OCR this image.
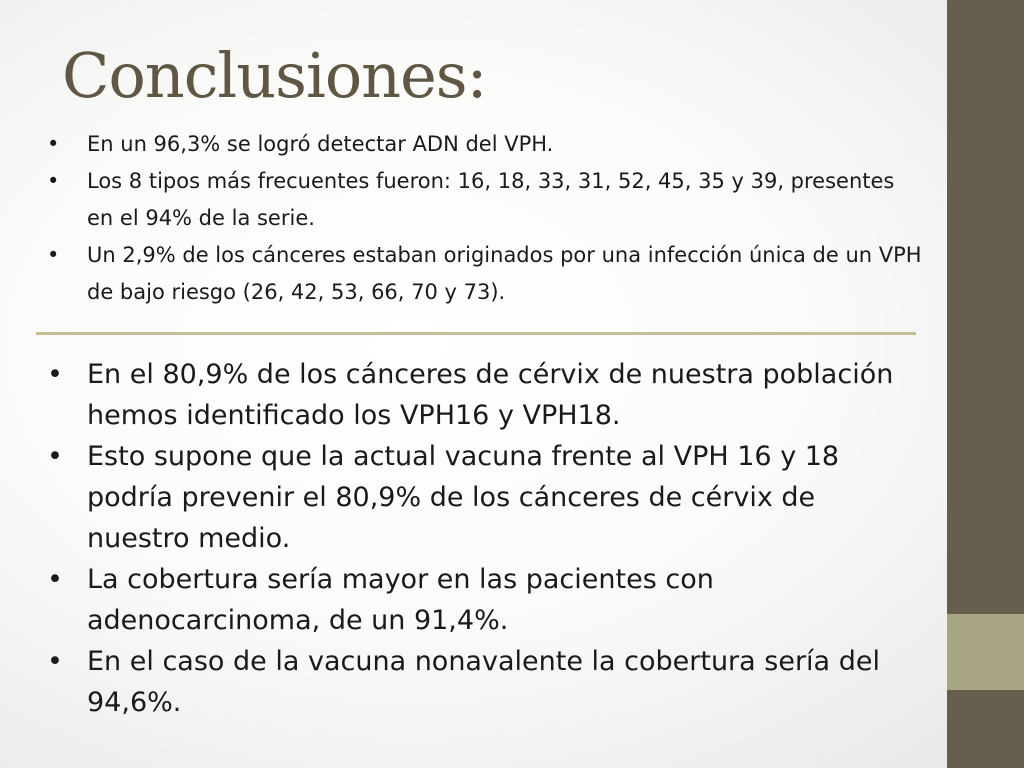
Conclusiones:
• En un 96,3% se logró detectar ADN del VPH.
• Los 8 tipos más frecuentes fueron: 16, 18, 33, 31, 52, 45, 35 y 39, presentes en el 94% de la serie.
• Un 2,9% de los cánceres estaban originados por una infección única de un VPH de bajo riesgo (26, 42, 53, 66, 70 y 73).
• En el 80,9% de los cánceres de cérvix de nuestra población hemos identificado los VPH16 y VPH18.
• Esto supone que la actual vacuna frente al VPH 16 y 18 podría prevenir el 80,9% de los cánceres de cérvix de nuestro medio.
• La cobertura sería mayor en las pacientes con adenocarcinoma, de un 91,4%.
• En el caso de la vacuna nonavalente la cobertura sería del 94,6%.
